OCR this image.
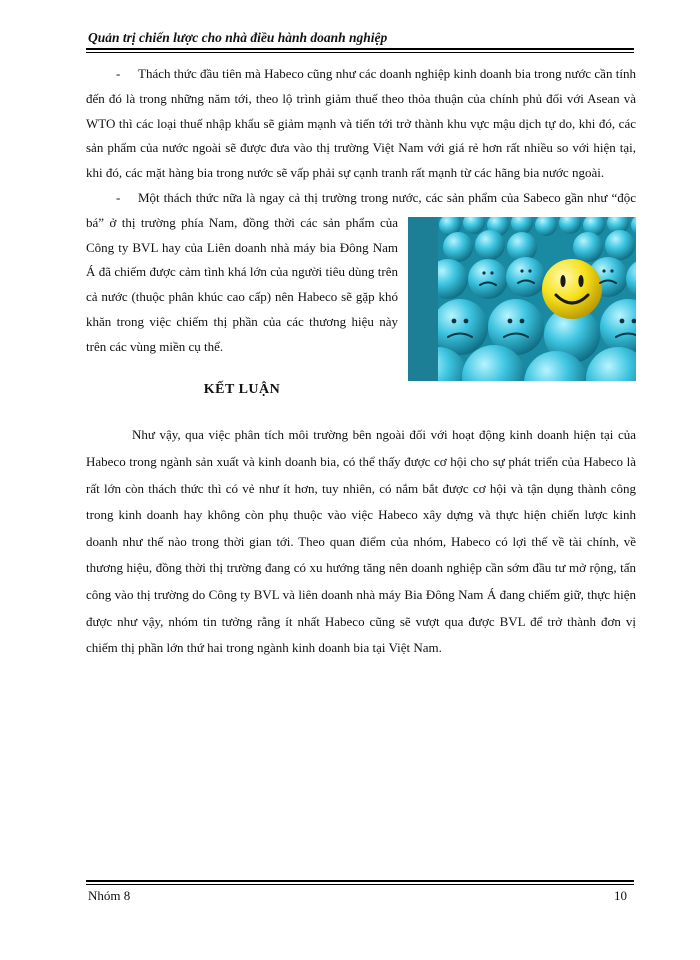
Quản trị chiến lược cho nhà điều hành doanh nghiệp

- Thách thức đầu tiên mà Habeco cũng như các doanh nghiệp kinh doanh bia trong nước cần tính đến đó là trong những năm tới, theo lộ trình giảm thuế theo thỏa thuận của chính phủ đối với Asean và WTO thì các loại thuế nhập khẩu sẽ giảm mạnh và tiến tới trở thành khu vực mậu dịch tự do, khi đó, các sản phẩm của nước ngoài sẽ được đưa vào thị trường Việt Nam với giá rẻ hơn rất nhiều so với hiện tại, khi đó, các mặt hàng bia trong nước sẽ vấp phải sự cạnh tranh rất mạnh từ các hãng bia nước ngoài.

- Một thách thức nữa là ngay cả thị trường trong nước, các sản phẩm của Sabeco gần như
“độc bá” ở thị trường phía Nam, đồng thời các sản phẩm của Công ty BVL hay của Liên doanh nhà máy bia Đông Nam Á đã chiếm được cảm tình khá lớn của người tiêu dùng trên cả nước (thuộc phân khúc cao cấp) nên Habeco sẽ gặp khó khăn trong việc chiếm thị phần của các thương hiệu này trên các vùng miền cụ thể.

KẾT LUẬN

Như vậy, qua việc phân tích môi trường bên ngoài đối với hoạt động kinh doanh hiện tại của Habeco trong ngành sản xuất và kinh doanh bia, có thể thấy được cơ hội cho sự phát triển của Habeco là rất lớn còn thách thức thì có vẻ như ít hơn, tuy nhiên, có nắm bắt được cơ hội và tận dụng thành công trong kinh doanh hay không còn phụ thuộc vào việc Habeco xây dựng và thực hiện chiến lược kinh doanh như thế nào trong thời gian tới. Theo quan điểm của nhóm, Habeco có lợi thế về tài chính, về thương hiệu, đồng thời thị trường đang có xu hướng tăng nên doanh nghiệp cần sớm đầu tư mở rộng, tấn công vào thị trường do Công ty BVL và liên doanh nhà máy Bia Đông Nam Á đang chiếm giữ, thực hiện được như vậy, nhóm tin tưởng rằng ít nhất Habeco cũng sẽ vượt qua được BVL để trở thành đơn vị chiếm thị phần lớn thứ hai trong ngành kinh doanh bia tại Việt Nam.

Nhóm 8	10
